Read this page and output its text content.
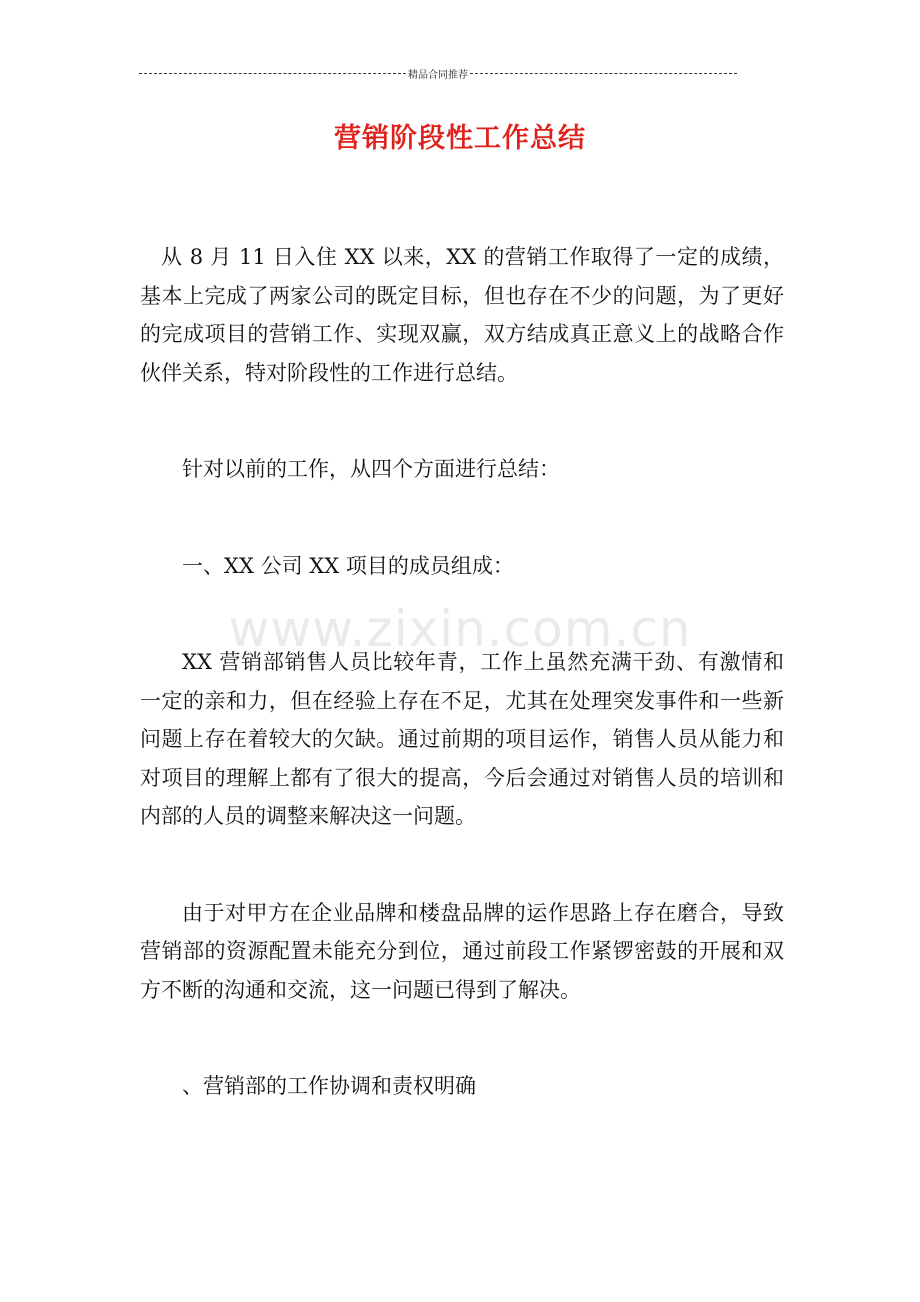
精品合同推荐
营销阶段性工作总结
www.zixin.com.cn

从 8 月 11 日入住 XX 以来，XX 的营销工作取得了一定的成绩，基本上完成了两家公司的既定目标，但也存在不少的问题，为了更好的完成项目的营销工作、实现双赢，双方结成真正意义上的战略合作伙伴关系，特对阶段性的工作进行总结。

针对以前的工作，从四个方面进行总结：

一、XX 公司 XX 项目的成员组成：

XX 营销部销售人员比较年青，工作上虽然充满干劲、有激情和一定的亲和力，但在经验上存在不足，尤其在处理突发事件和一些新问题上存在着较大的欠缺。通过前期的项目运作，销售人员从能力和对项目的理解上都有了很大的提高，今后会通过对销售人员的培训和内部的人员的调整来解决这一问题。

由于对甲方在企业品牌和楼盘品牌的运作思路上存在磨合，导致营销部的资源配置未能充分到位，通过前段工作紧锣密鼓的开展和双方不断的沟通和交流，这一问题已得到了解决。

、营销部的工作协调和责权明确
